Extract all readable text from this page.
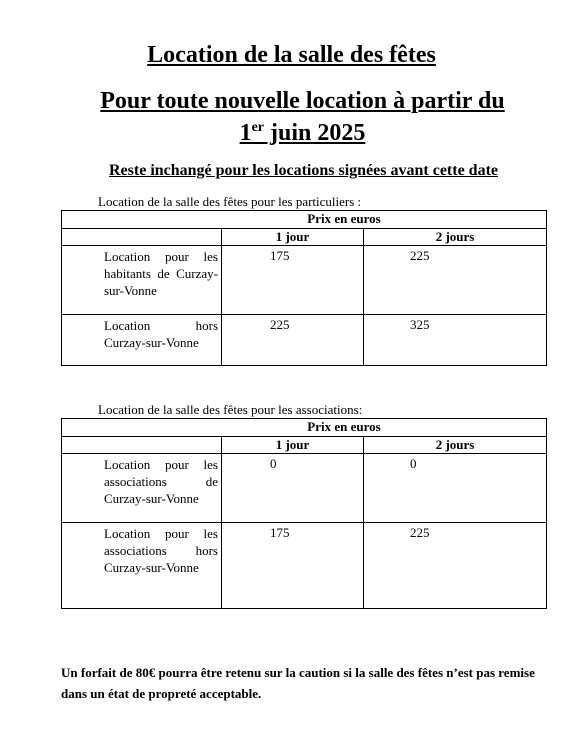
Location de la salle des fêtes
Pour toute nouvelle location à partir du
1er juin 2025
Reste inchangé pour les locations signées avant cette date
Location de la salle des fêtes pour les particuliers :
Prix en euros		
	1 jour	2 jours
Location pour les habitants de Curzay-sur-Vonne	175	225
Location hors Curzay-sur-Vonne	225	325
Location de la salle des fêtes pour les associations:
Prix en euros		
	1 jour	2 jours
Location pour les associations de Curzay-sur-Vonne	0	0
Location pour les associations hors Curzay-sur-Vonne	175	225
Un forfait de 80€ pourra être retenu sur la caution si la salle des fêtes n’est pas remise dans un état de propreté acceptable.
